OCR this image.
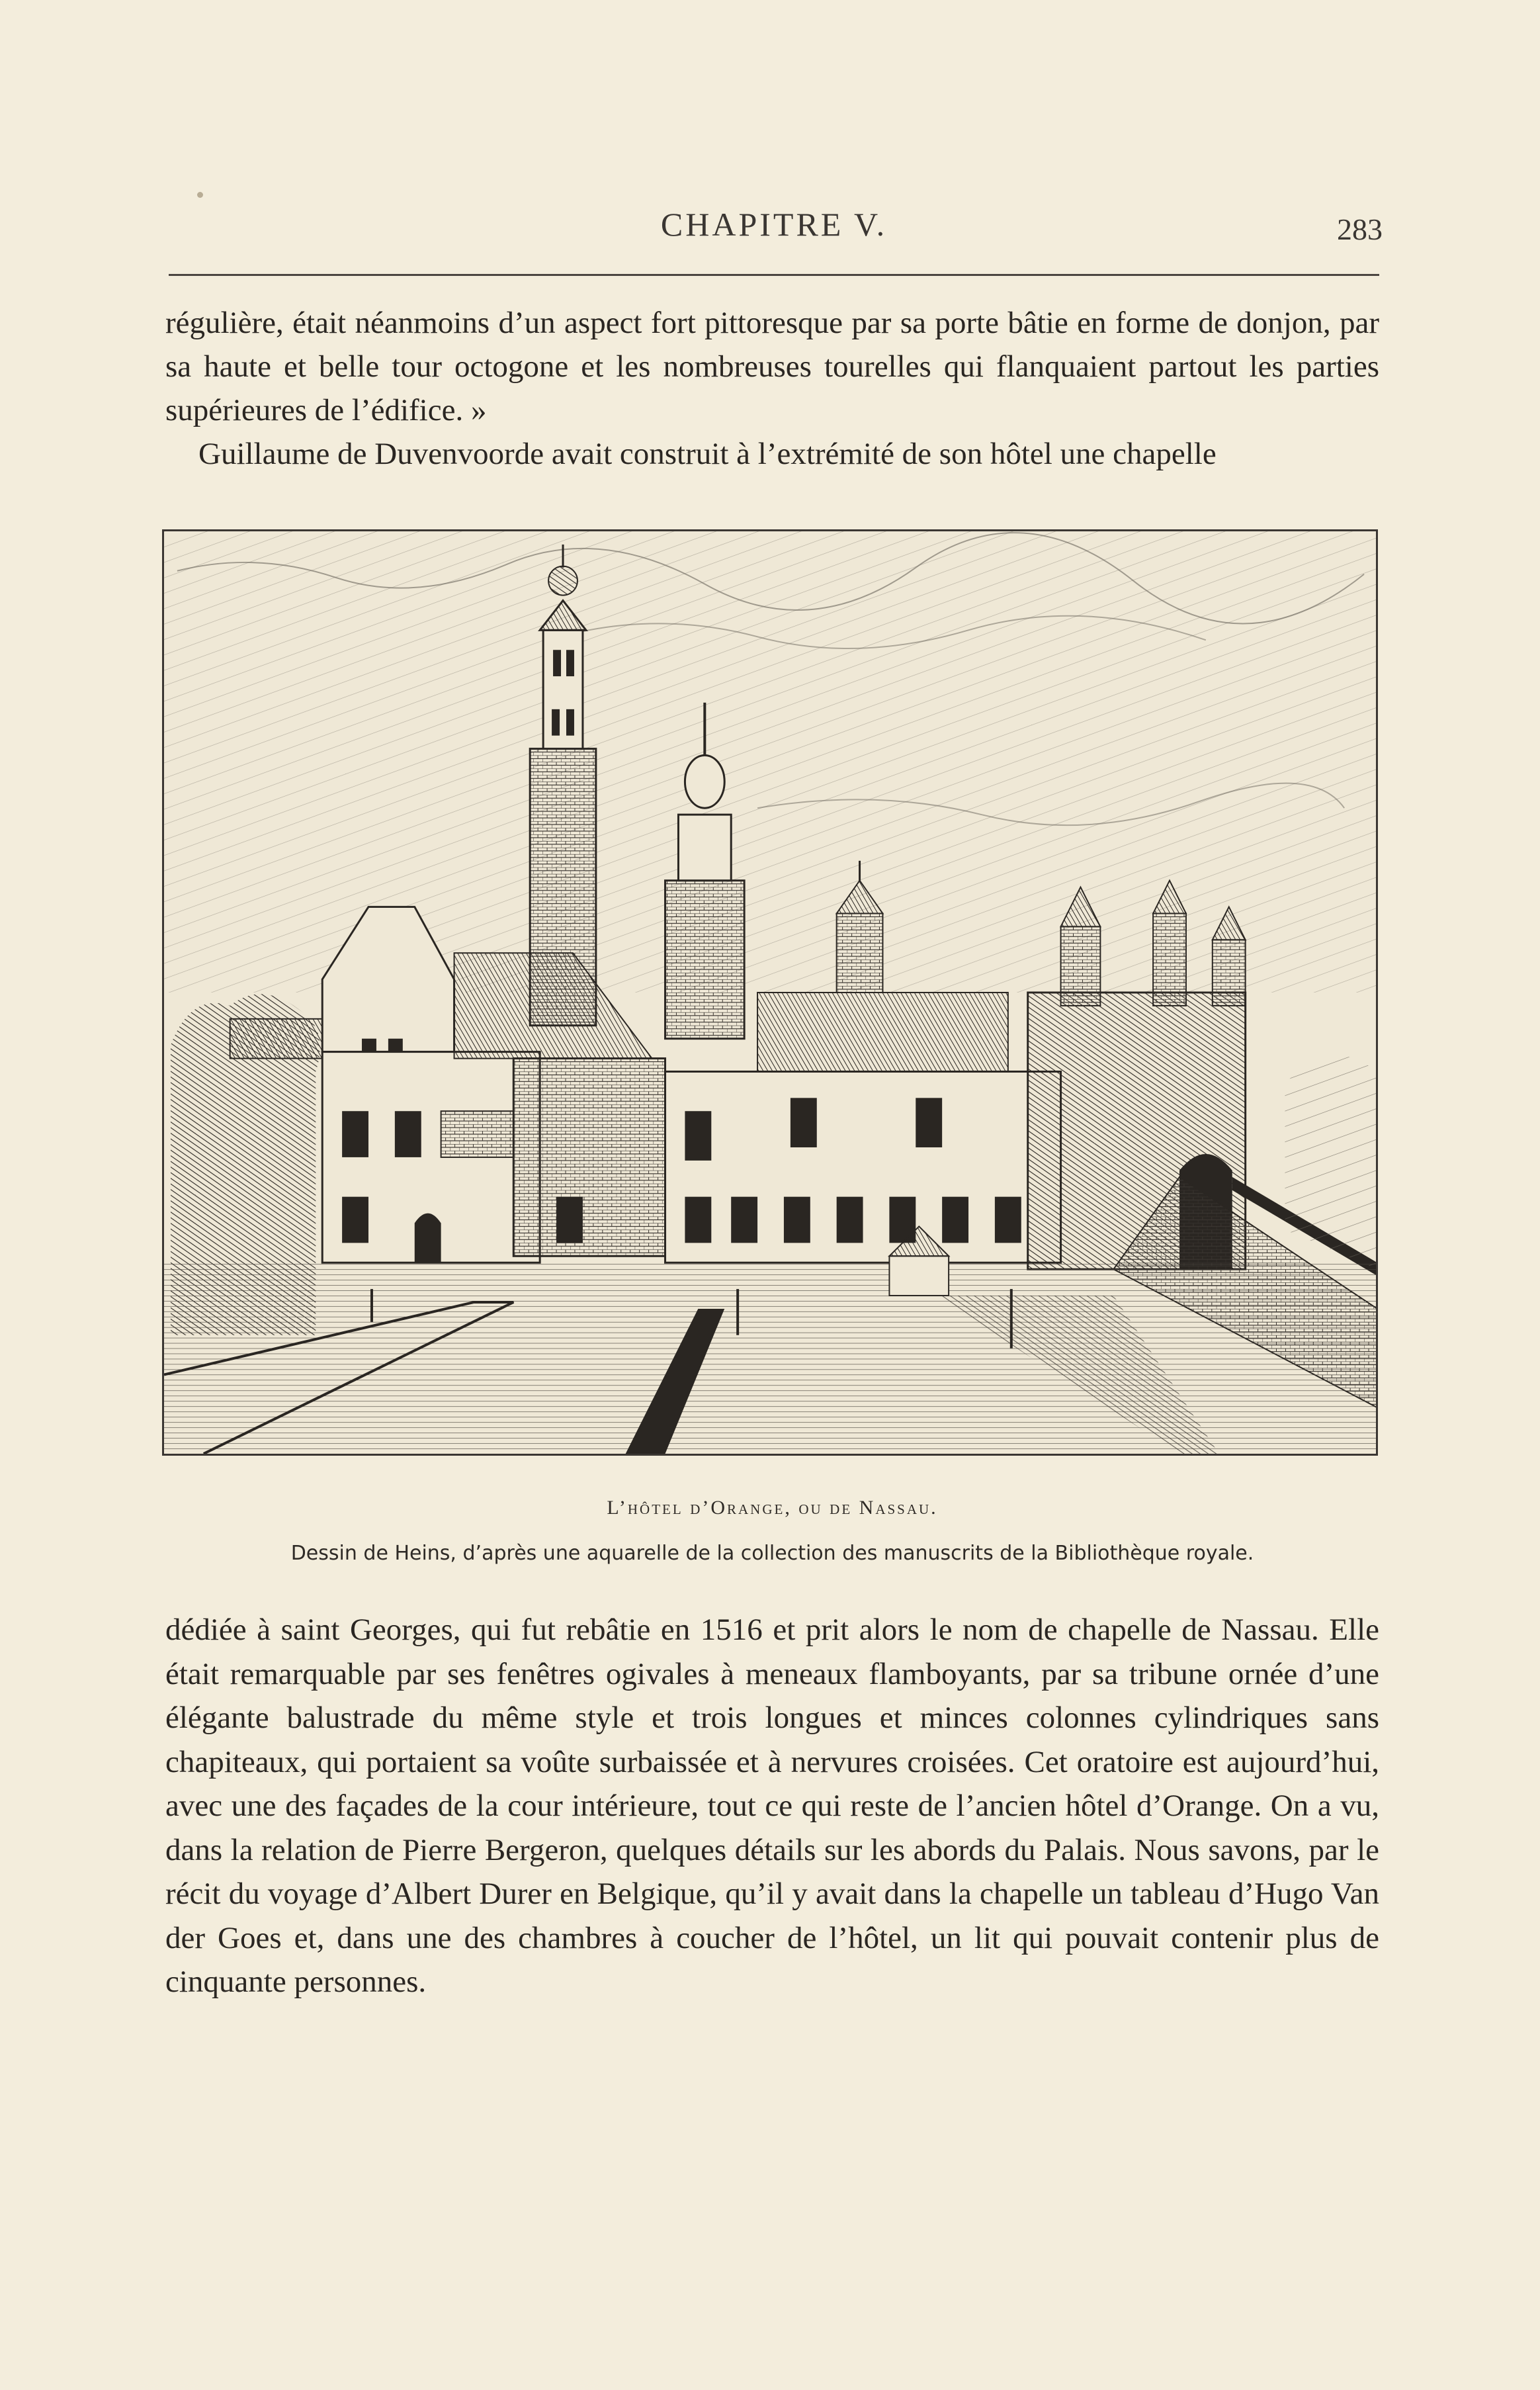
CHAPITRE V.	283

régulière, était néanmoins d’un aspect fort pittoresque par sa porte bâtie en forme de donjon, par sa haute et belle tour octogone et les nombreuses tourelles qui flanquaient partout les parties supérieures de l’édifice. »

Guillaume de Duvenvoorde avait construit à l’extrémité de son hôtel une chapelle

L’hôtel d’Orange, ou de Nassau.
Dessin de Heins, d’après une aquarelle de la collection des manuscrits de la Bibliothèque royale.

dédiée à saint Georges, qui fut rebâtie en 1516 et prit alors le nom de chapelle de Nassau. Elle était remarquable par ses fenêtres ogivales à meneaux flamboyants, par sa tribune ornée d’une élégante balustrade du même style et trois longues et minces colonnes cylindriques sans chapiteaux, qui portaient sa voûte surbaissée et à nervures croisées. Cet oratoire est aujourd’hui, avec une des façades de la cour intérieure, tout ce qui reste de l’ancien hôtel d’Orange. On a vu, dans la relation de Pierre Bergeron, quelques détails sur les abords du Palais. Nous savons, par le récit du voyage d’Albert Durer en Belgique, qu’il y avait dans la chapelle un tableau d’Hugo Van der Goes et, dans une des chambres à coucher de l’hôtel, un lit qui pouvait contenir plus de cinquante personnes.
